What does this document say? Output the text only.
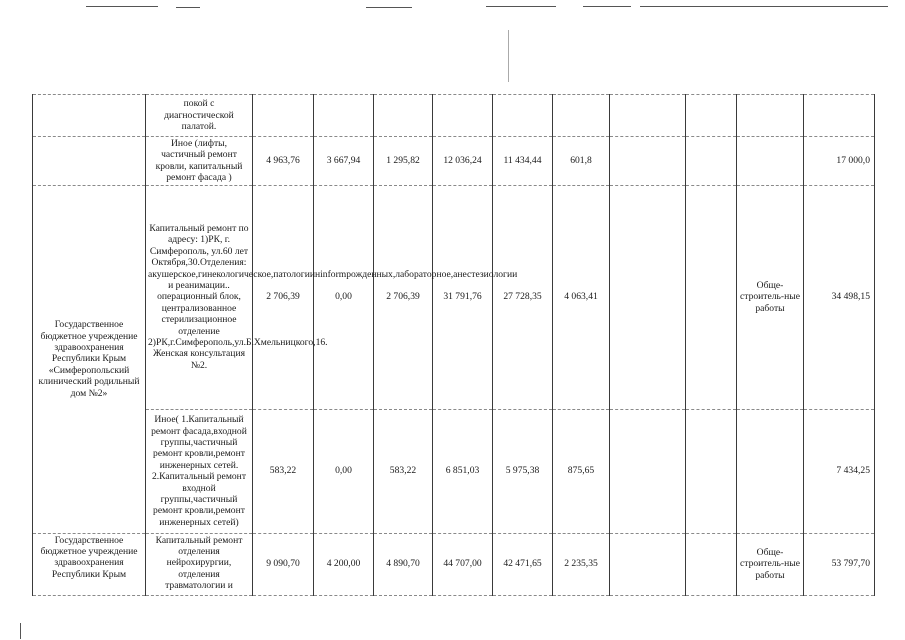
	покой с диагностической палатой.										
	Иное (лифты, частичный ремонт кровли, капитальный ремонт фасада )	4 963,76	3 667,94	1 295,82	12 036,24	11 434,44	601,8				17 000,0

Государственное бюджетное учреждение здравоохранения Республики Крым «Симферопольский клинический родильный дом №2»	Капитальный ремонт по адресу: 1)РК, г. Симферополь, ул.60 лет Октября,30.Отделения: акушерское,гинекологическое,патологиинinformрожденных,лабораторное,анестезиологии и реанимации.. операционный блок, централизованное стерилизационное отделение 2)РК,г.Симферополь,ул.Б.Хмельницкого,16. Женская консультация №2.	2 706,39	0,00	2 706,39	31 791,76	27 728,35	4 063,41			Обще-строитель-ные работы	34 498,15
	Иное( 1.Капитальный ремонт фасада,входной группы,частичный ремонт кровли,ремонт инженерных сетей. 2.Капитальный ремонт входной группы,частичный ремонт кровли,ремонт инженерных сетей)	583,22	0,00	583,22	6 851,03	5 975,38	875,65				7 434,25

Государственное бюджетное учреждение здравоохранения Республики Крым	Капитальный ремонт отделения нейрохирургии, отделения травматологии и	9 090,70	4 200,00	4 890,70	44 707,00	42 471,65	2 235,35			Обще-строитель-ные работы	53 797,70
